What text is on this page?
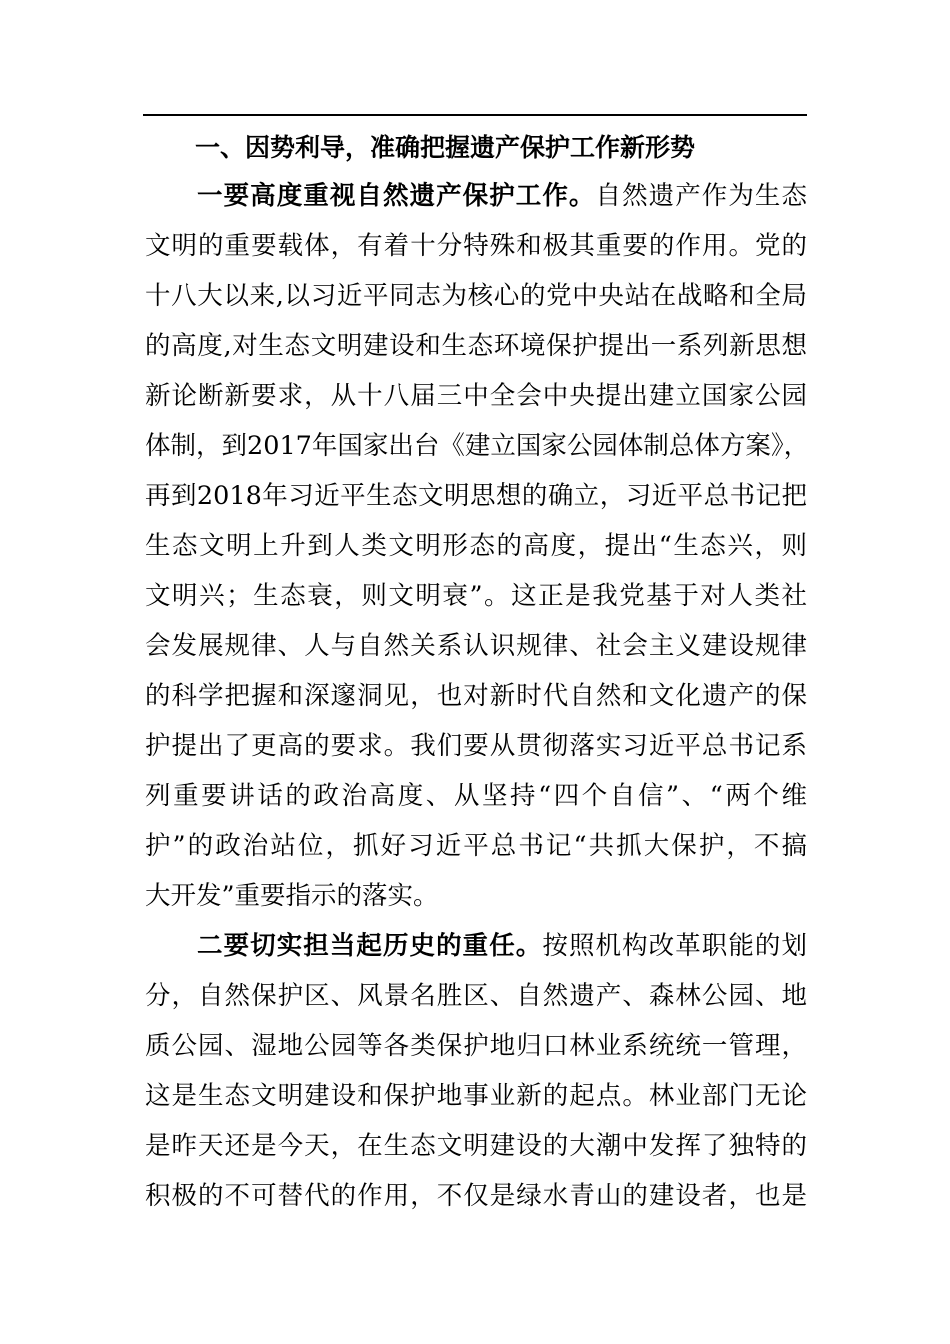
一、因势利导，准确把握遗产保护工作新形势
一要高度重视自然遗产保护工作。自然遗产作为生态
文明的重要载体，有着十分特殊和极其重要的作用。党的
十八大以来,以习近平同志为核心的党中央站在战略和全局
的高度,对生态文明建设和生态环境保护提出一系列新思想
新论断新要求，从十八届三中全会中央提出建立国家公园
体制，到2017年国家出台《建立国家公园体制总体方案》，
再到2018年习近平生态文明思想的确立，习近平总书记把
生态文明上升到人类文明形态的高度，提出“生态兴，则
文明兴；生态衰，则文明衰”。这正是我党基于对人类社
会发展规律、人与自然关系认识规律、社会主义建设规律
的科学把握和深邃洞见，也对新时代自然和文化遗产的保
护提出了更高的要求。我们要从贯彻落实习近平总书记系
列重要讲话的政治高度、从坚持“四个自信”、“两个维
护”的政治站位，抓好习近平总书记“共抓大保护，不搞
大开发”重要指示的落实。
二要切实担当起历史的重任。按照机构改革职能的划
分，自然保护区、风景名胜区、自然遗产、森林公园、地
质公园、湿地公园等各类保护地归口林业系统统一管理，
这是生态文明建设和保护地事业新的起点。林业部门无论
是昨天还是今天，在生态文明建设的大潮中发挥了独特的
积极的不可替代的作用，不仅是绿水青山的建设者，也是
